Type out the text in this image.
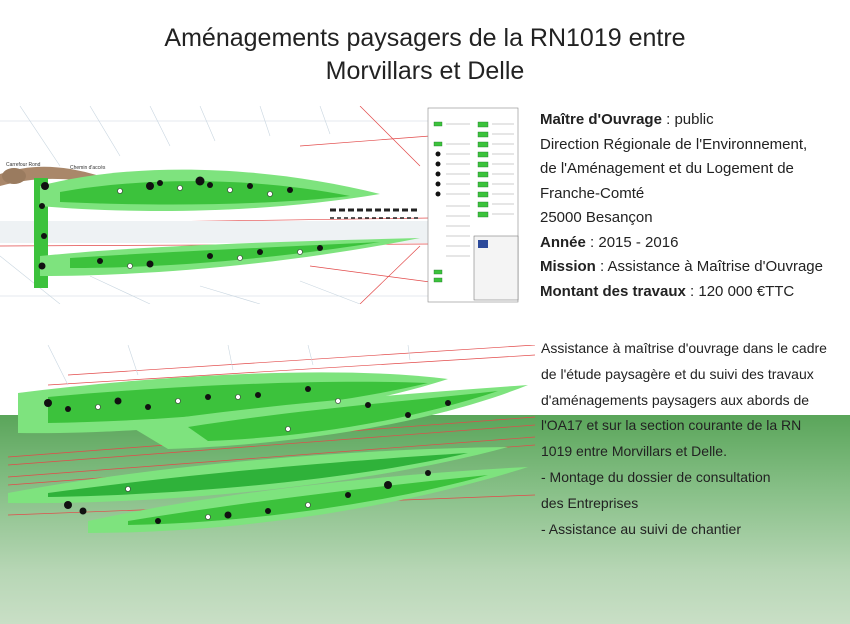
Aménagements paysagers de la RN1019 entre
Morvillars et Delle
Carrefour Rond	Chemin d'accès
Maître d'Ouvrage : public
Direction Régionale de l'Environnement,
de l'Aménagement et du Logement de
Franche-Comté
25000 Besançon
Année : 2015 - 2016
Mission : Assistance à Maîtrise d'Ouvrage
Montant des travaux : 120 000 €TTC
Assistance à maîtrise d'ouvrage dans le cadre
de l'étude paysagère et du suivi des travaux
d'aménagements paysagers aux abords de
l'OA17 et sur la section courante de la RN
1019 entre Morvillars et Delle.
- Montage du dossier de consultation
des Entreprises
- Assistance au suivi de chantier
